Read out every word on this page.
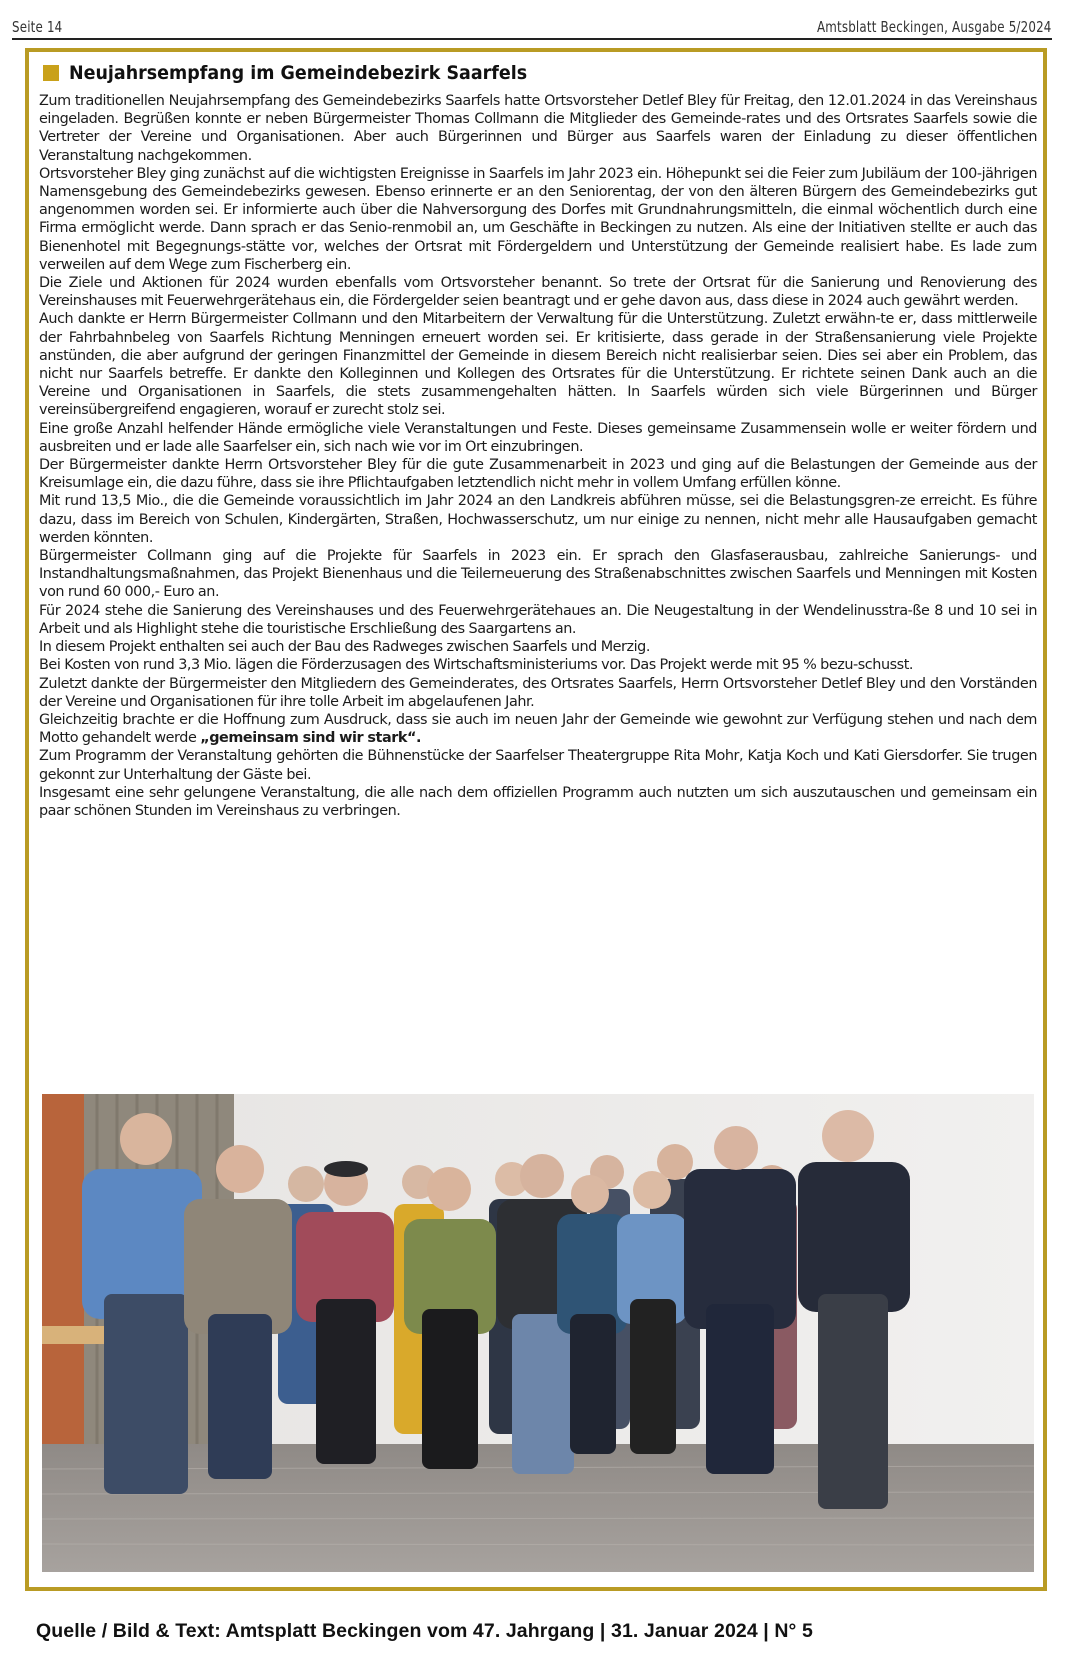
Seite 14	Amtsblatt Beckingen, Ausgabe 5/2024
Neujahrsempfang im Gemeindebezirk Saarfels

Zum traditionellen Neujahrsempfang des Gemeindebezirks Saarfels hatte Ortsvorsteher Detlef Bley für Freitag, den 12.01.2024 in das Vereinshaus eingeladen. Begrüßen konnte er neben Bürgermeister Thomas Collmann die Mitglieder des Gemeinde-rates und des Ortsrates Saarfels sowie die Vertreter der Vereine und Organisationen. Aber auch Bürgerinnen und Bürger aus Saarfels waren der Einladung zu dieser öffentlichen Veranstaltung nachgekommen.

Ortsvorsteher Bley ging zunächst auf die wichtigsten Ereignisse in Saarfels im Jahr 2023 ein. Höhepunkt sei die Feier zum Jubiläum der 100-jährigen Namensgebung des Gemeindebezirks gewesen. Ebenso erinnerte er an den Seniorentag, der von den älteren Bürgern des Gemeindebezirks gut angenommen worden sei. Er informierte auch über die Nahversorgung des Dorfes mit Grundnahrungsmitteln, die einmal wöchentlich durch eine Firma ermöglicht werde. Dann sprach er das Senio-renmobil an, um Geschäfte in Beckingen zu nutzen. Als eine der Initiativen stellte er auch das Bienenhotel mit Begegnungs-stätte vor, welches der Ortsrat mit Fördergeldern und Unterstützung der Gemeinde realisiert habe. Es lade zum verweilen auf dem Wege zum Fischerberg ein.

Die Ziele und Aktionen für 2024 wurden ebenfalls vom Ortsvorsteher benannt. So trete der Ortsrat für die Sanierung und Renovierung des Vereinshauses mit Feuerwehrgerätehaus ein, die Fördergelder seien beantragt und er gehe davon aus, dass diese in 2024 auch gewährt werden.

Auch dankte er Herrn Bürgermeister Collmann und den Mitarbeitern der Verwaltung für die Unterstützung. Zuletzt erwähn-te er, dass mittlerweile der Fahrbahnbeleg von Saarfels Richtung Menningen erneuert worden sei. Er kritisierte, dass gerade in der Straßensanierung viele Projekte anstünden, die aber aufgrund der geringen Finanzmittel der Gemeinde in diesem Bereich nicht realisierbar seien. Dies sei aber ein Problem, das nicht nur Saarfels betreffe. Er dankte den Kolleginnen und Kollegen des Ortsrates für die Unterstützung. Er richtete seinen Dank auch an die Vereine und Organisationen in Saarfels, die stets zusammengehalten hätten. In Saarfels würden sich viele Bürgerinnen und Bürger vereinsübergreifend engagieren, worauf er zurecht stolz sei.

Eine große Anzahl helfender Hände ermögliche viele Veranstaltungen und Feste. Dieses gemeinsame Zusammensein wolle er weiter fördern und ausbreiten und er lade alle Saarfelser ein, sich nach wie vor im Ort einzubringen.

Der Bürgermeister dankte Herrn Ortsvorsteher Bley für die gute Zusammenarbeit in 2023 und ging auf die Belastungen der Gemeinde aus der Kreisumlage ein, die dazu führe, dass sie ihre Pflichtaufgaben letztendlich nicht mehr in vollem Umfang erfüllen könne.

Mit rund 13,5 Mio., die die Gemeinde voraussichtlich im Jahr 2024 an den Landkreis abführen müsse, sei die Belastungsgren-ze erreicht. Es führe dazu, dass im Bereich von Schulen, Kindergärten, Straßen, Hochwasserschutz, um nur einige zu nennen, nicht mehr alle Hausaufgaben gemacht werden könnten.

Bürgermeister Collmann ging auf die Projekte für Saarfels in 2023 ein. Er sprach den Glasfaserausbau, zahlreiche Sanierungs- und Instandhaltungsmaßnahmen, das Projekt Bienenhaus und die Teilerneuerung des Straßenabschnittes zwischen Saarfels und Menningen mit Kosten von rund 60 000,- Euro an.

Für 2024 stehe die Sanierung des Vereinshauses und des Feuerwehrgerätehaues an. Die Neugestaltung in der Wendelinusstra-ße 8 und 10 sei in Arbeit und als Highlight stehe die touristische Erschließung des Saargartens an.

In diesem Projekt enthalten sei auch der Bau des Radweges zwischen Saarfels und Merzig.

Bei Kosten von rund 3,3 Mio. lägen die Förderzusagen des Wirtschaftsministeriums vor. Das Projekt werde mit 95 % bezu-schusst.

Zuletzt dankte der Bürgermeister den Mitgliedern des Gemeinderates, des Ortsrates Saarfels, Herrn Ortsvorsteher Detlef Bley und den Vorständen der Vereine und Organisationen für ihre tolle Arbeit im abgelaufenen Jahr.

Gleichzeitig brachte er die Hoffnung zum Ausdruck, dass sie auch im neuen Jahr der Gemeinde wie gewohnt zur Verfügung stehen und nach dem Motto gehandelt werde „gemeinsam sind wir stark“.

Zum Programm der Veranstaltung gehörten die Bühnenstücke der Saarfelser Theatergruppe Rita Mohr, Katja Koch und Kati Giersdorfer. Sie trugen gekonnt zur Unterhaltung der Gäste bei.

Insgesamt eine sehr gelungene Veranstaltung, die alle nach dem offiziellen Programm auch nutzten um sich auszutauschen und gemeinsam ein paar schönen Stunden im Vereinshaus zu verbringen.

Quelle / Bild & Text: Amtsplatt Beckingen vom 47. Jahrgang | 31. Januar 2024 | N° 5
